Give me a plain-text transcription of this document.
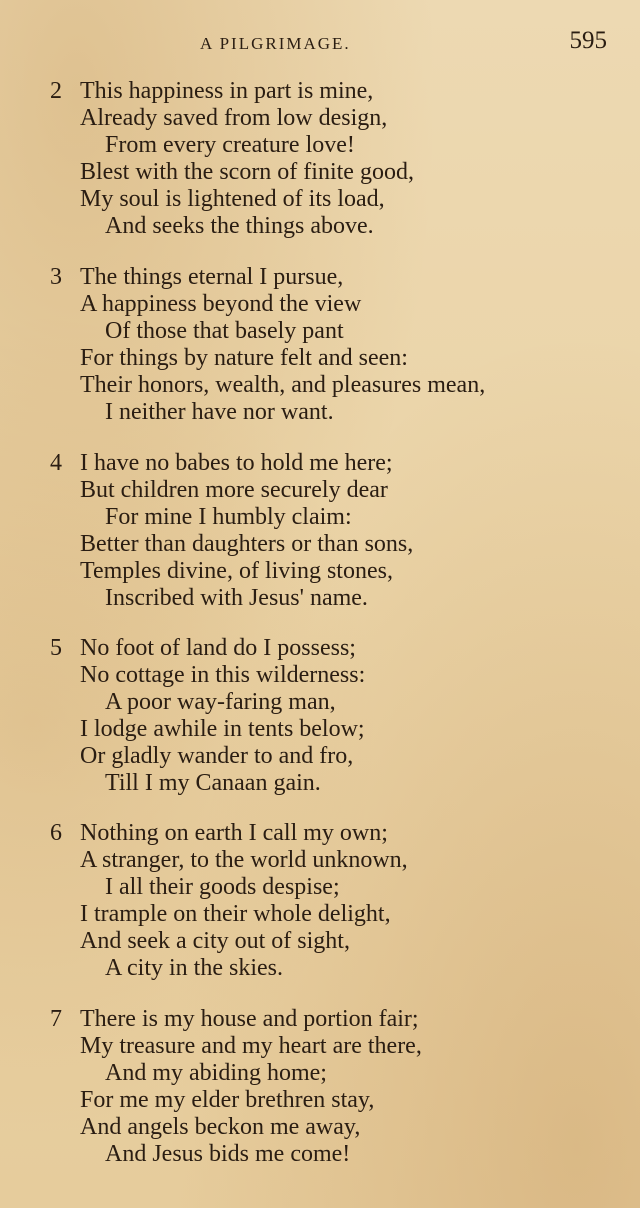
A PILGRIMAGE.	595
2 This happiness in part is mine,
Already saved from low design,
From every creature love!
Blest with the scorn of finite good,
My soul is lightened of its load,
And seeks the things above.
3 The things eternal I pursue,
A happiness beyond the view
Of those that basely pant
For things by nature felt and seen:
Their honors, wealth, and pleasures mean,
I neither have nor want.
4 I have no babes to hold me here;
But children more securely dear
For mine I humbly claim:
Better than daughters or than sons,
Temples divine, of living stones,
Inscribed with Jesus' name.
5 No foot of land do I possess;
No cottage in this wilderness:
A poor way-faring man,
I lodge awhile in tents below;
Or gladly wander to and fro,
Till I my Canaan gain.
6 Nothing on earth I call my own;
A stranger, to the world unknown,
I all their goods despise;
I trample on their whole delight,
And seek a city out of sight,
A city in the skies.
7 There is my house and portion fair;
My treasure and my heart are there,
And my abiding home;
For me my elder brethren stay,
And angels beckon me away,
And Jesus bids me come!
